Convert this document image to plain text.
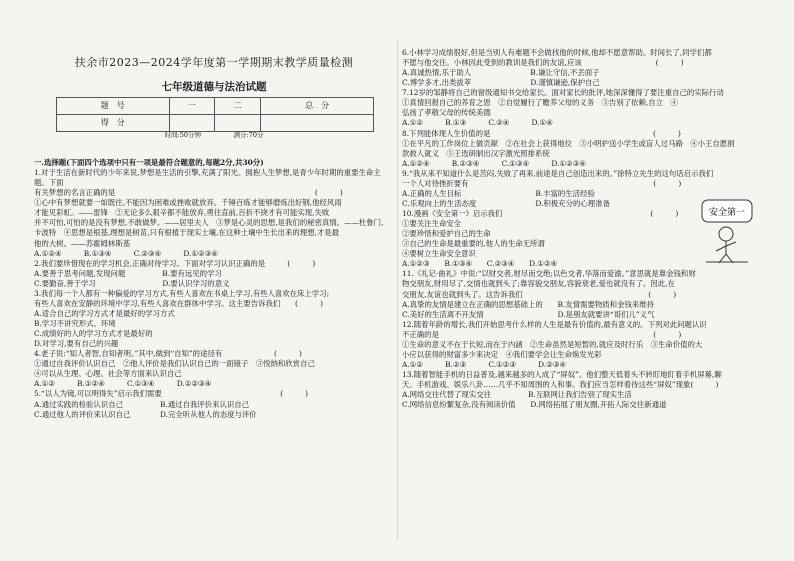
扶余市2023—2024学年度第一学期期末教学质量检测
七年级道德与法治试题
题　号	一	二	总　分
得　分			
时间:50分钟　　　　　满分:70分

一.选择题(下面四个选项中只有一项是最符合题意的,每题2分,共30分)

1.对于生活在新时代的少年来说,梦想是生活的引擎,充满了阳光。拥抱人生梦想,是青少年时期的重要生命主题。下面

有关梦想的名言正确的是　　　　　　　　　　　　　　　　　　　　　　　　　　　(　　　)

①心中有梦想就要一如既往,不能因为困难或挫败就放弃。千锤百炼才能够磨炼出好钢,他经风雨

才能见彩虹。——雷锋　②无论多么艰辛都不能放弃,勇往直前,百折不挠才有可能实现,失败

并不可怕,可怕的是没有梦想,不敢做梦。——居里夫人　③梦是心灵的思想,是我们的秘密真情。——杜鲁门,

卡波特　④思想是根基,理想是树苗,只有根植于现实土壤,在这种土壤中生长出来的理想,才是最

他的大树。——苏霍姆林斯基

A.①②④　　　B.①③④　　　C.②③④　　　D.①②③④

2.我们要珍惜现在的学习机会,正确对待学习。下面对学习认识正确的是　　　(　　　)

A.要善于思考问题,发现问题　　　　　B.要有远见的学习

C.要勤奋,善于学习　　　　　　　　　D.要认识学习的意义

3.我们每一个人都有一种偏爱的学习方式,有些人喜欢在书桌上学习,有些人喜欢在床上学习;

有些人喜欢在安静的环境中学习,有些人喜欢在群体中学习。这主要告诉我们　　(　　　)

A.适合自己的学习方式才是最好的学习方式

B.学习不讲究形式、环境

C.成绩好的人的学习方式才是最好的

D.对学习,要有自己的兴趣

4.老子说:“知人者智,自知者明。”其中,做到“自知”的途径有　　　　　　　(　　　)

①通过自我评价认识自己　②他人评价是我们认识自己的一面镜子　③悦纳和欣赏自己

④可以从生理、心理、社会等方面来认识自己

A.①②　　　B.①②④　　　C.①③④　　　D.①②③④

5.“以人为镜,可以明得失”启示我们需要　　　　　　　　　　　　　　　　(　　　)

A.通过实践的检验认识自己　　　　　B.通过自我评价来认识自己

C.通过他人的评价来认识自己　　　　D.完全听从他人的态度与评价

6.小林学习成绩很好,但是当别人有难题不会做找他的时候,他却不愿意帮助。时间长了,同学们都

不愿与他交往。小林因此受到的教训是我们的友谊,应该　　　　　　　　　　(　　　)

A.真诚热情,乐于助人　　　　　　　　B.谦让守信,不丢面子

C.博学多才,出类拔萃　　　　　　　　D.谨慎谦逊,保护自己

7.12岁的邹静将自己的留级通知书交给家长。面对家长的批评,她深深懂得了要注重自己的实际行动

①真情回报自己的养育之恩　②自觉履行了赡养父母的义务　③告别了依赖,自立　④

弘扬了孝敬父母的传统美德

A.①②　　　B.①③　　　C.②④　　　D.①④

8.下列能体现人生价值的是　　　　　　　　　　　　　　　　　　　　　　(　　　)

①在平凡的工作岗位上做贡献　②在社会上获得地位　③小明护送小学生或盲人过马路　④小王自愿捐

款救人就义　⑤王选研制出汉字激光照排系统

A.①②④　　　B.②③④　　　C.①③④　　　D.①②③④

9.“我从来不知道什么是苦闷,失败了再来,前途是自己创造出来的。”徐特立先生的这句话启示我们

一个人对待挫折要有　　　　　　　　　　　　　　　　　　　　　　　　　(　　　)

A.正确的人生目标　　　　　　　　　　B.丰富的生活经验

C.乐观向上的生活态度　　　　　　　　D.积极充分的心理准备

10.漫画《安全第一》启示我们　　　　　　　　　　　　　　　　　　　　(　　　)

①要关注生命安全

②要珍惜和爱护自己的生命

③自己的生命是最重要的,他人的生命无所谓

④要树立生命安全意识

A.①②③　　B.①③④　　C.②③④　　D.①②④

11.《礼记·曲礼》中说:“以财交者,财尽而交绝;以色交者,华落而爱渝。”意思就是靠金钱和财

物交朋友,财用尽了,交情也就到头了;靠容貌交朋友,容貌衰老,爱也就没有了。因此,在

交朋友,友谊也就到头了。这告诉我们　　　　　　　　　　　　　　　　　(　　　)

A.真挚的友情是建立在正确的思想基础上的　　B.友情需要物质和金钱来维持

C.美好的生活离不开友情　　　　　　　　　　D.是朋友就要讲“哥们儿”义气

12.随着年龄的增长,我们开始思考什么样的人生是最有价值的,最有意义的。下列对此问题认识

不正确的是　　　　　　　　　　　　　　　　　　　　　　　　　　　　　(　　　)

①生命的意义不在于长短,而在于内涵　②生命虽然是短暂的,就应及时行乐　③生命价值的大

小应以获得的财富多少来决定　④我们要学会让生命焕发光彩

A.①②　　　B.②③　　　C.①②③　　　D.②③④

13.随着智能手机的日益普及,越来越多的人成了“屏奴”。他们整天低着头不转盯地盯着手机屏幕,聊

天、手机游戏、娱乐八卦……几乎不知周围的人和事。我们应当怎样看待这些“屏奴”现象(　　　)

A.网络交往代替了现实交往　　　　　B.互联网让我们告别了现实生活

C.网络信息纷繁复杂,没有阅读价值　　D.网络拓展了朋友圈,开拓人际交往新通道

安全第一
